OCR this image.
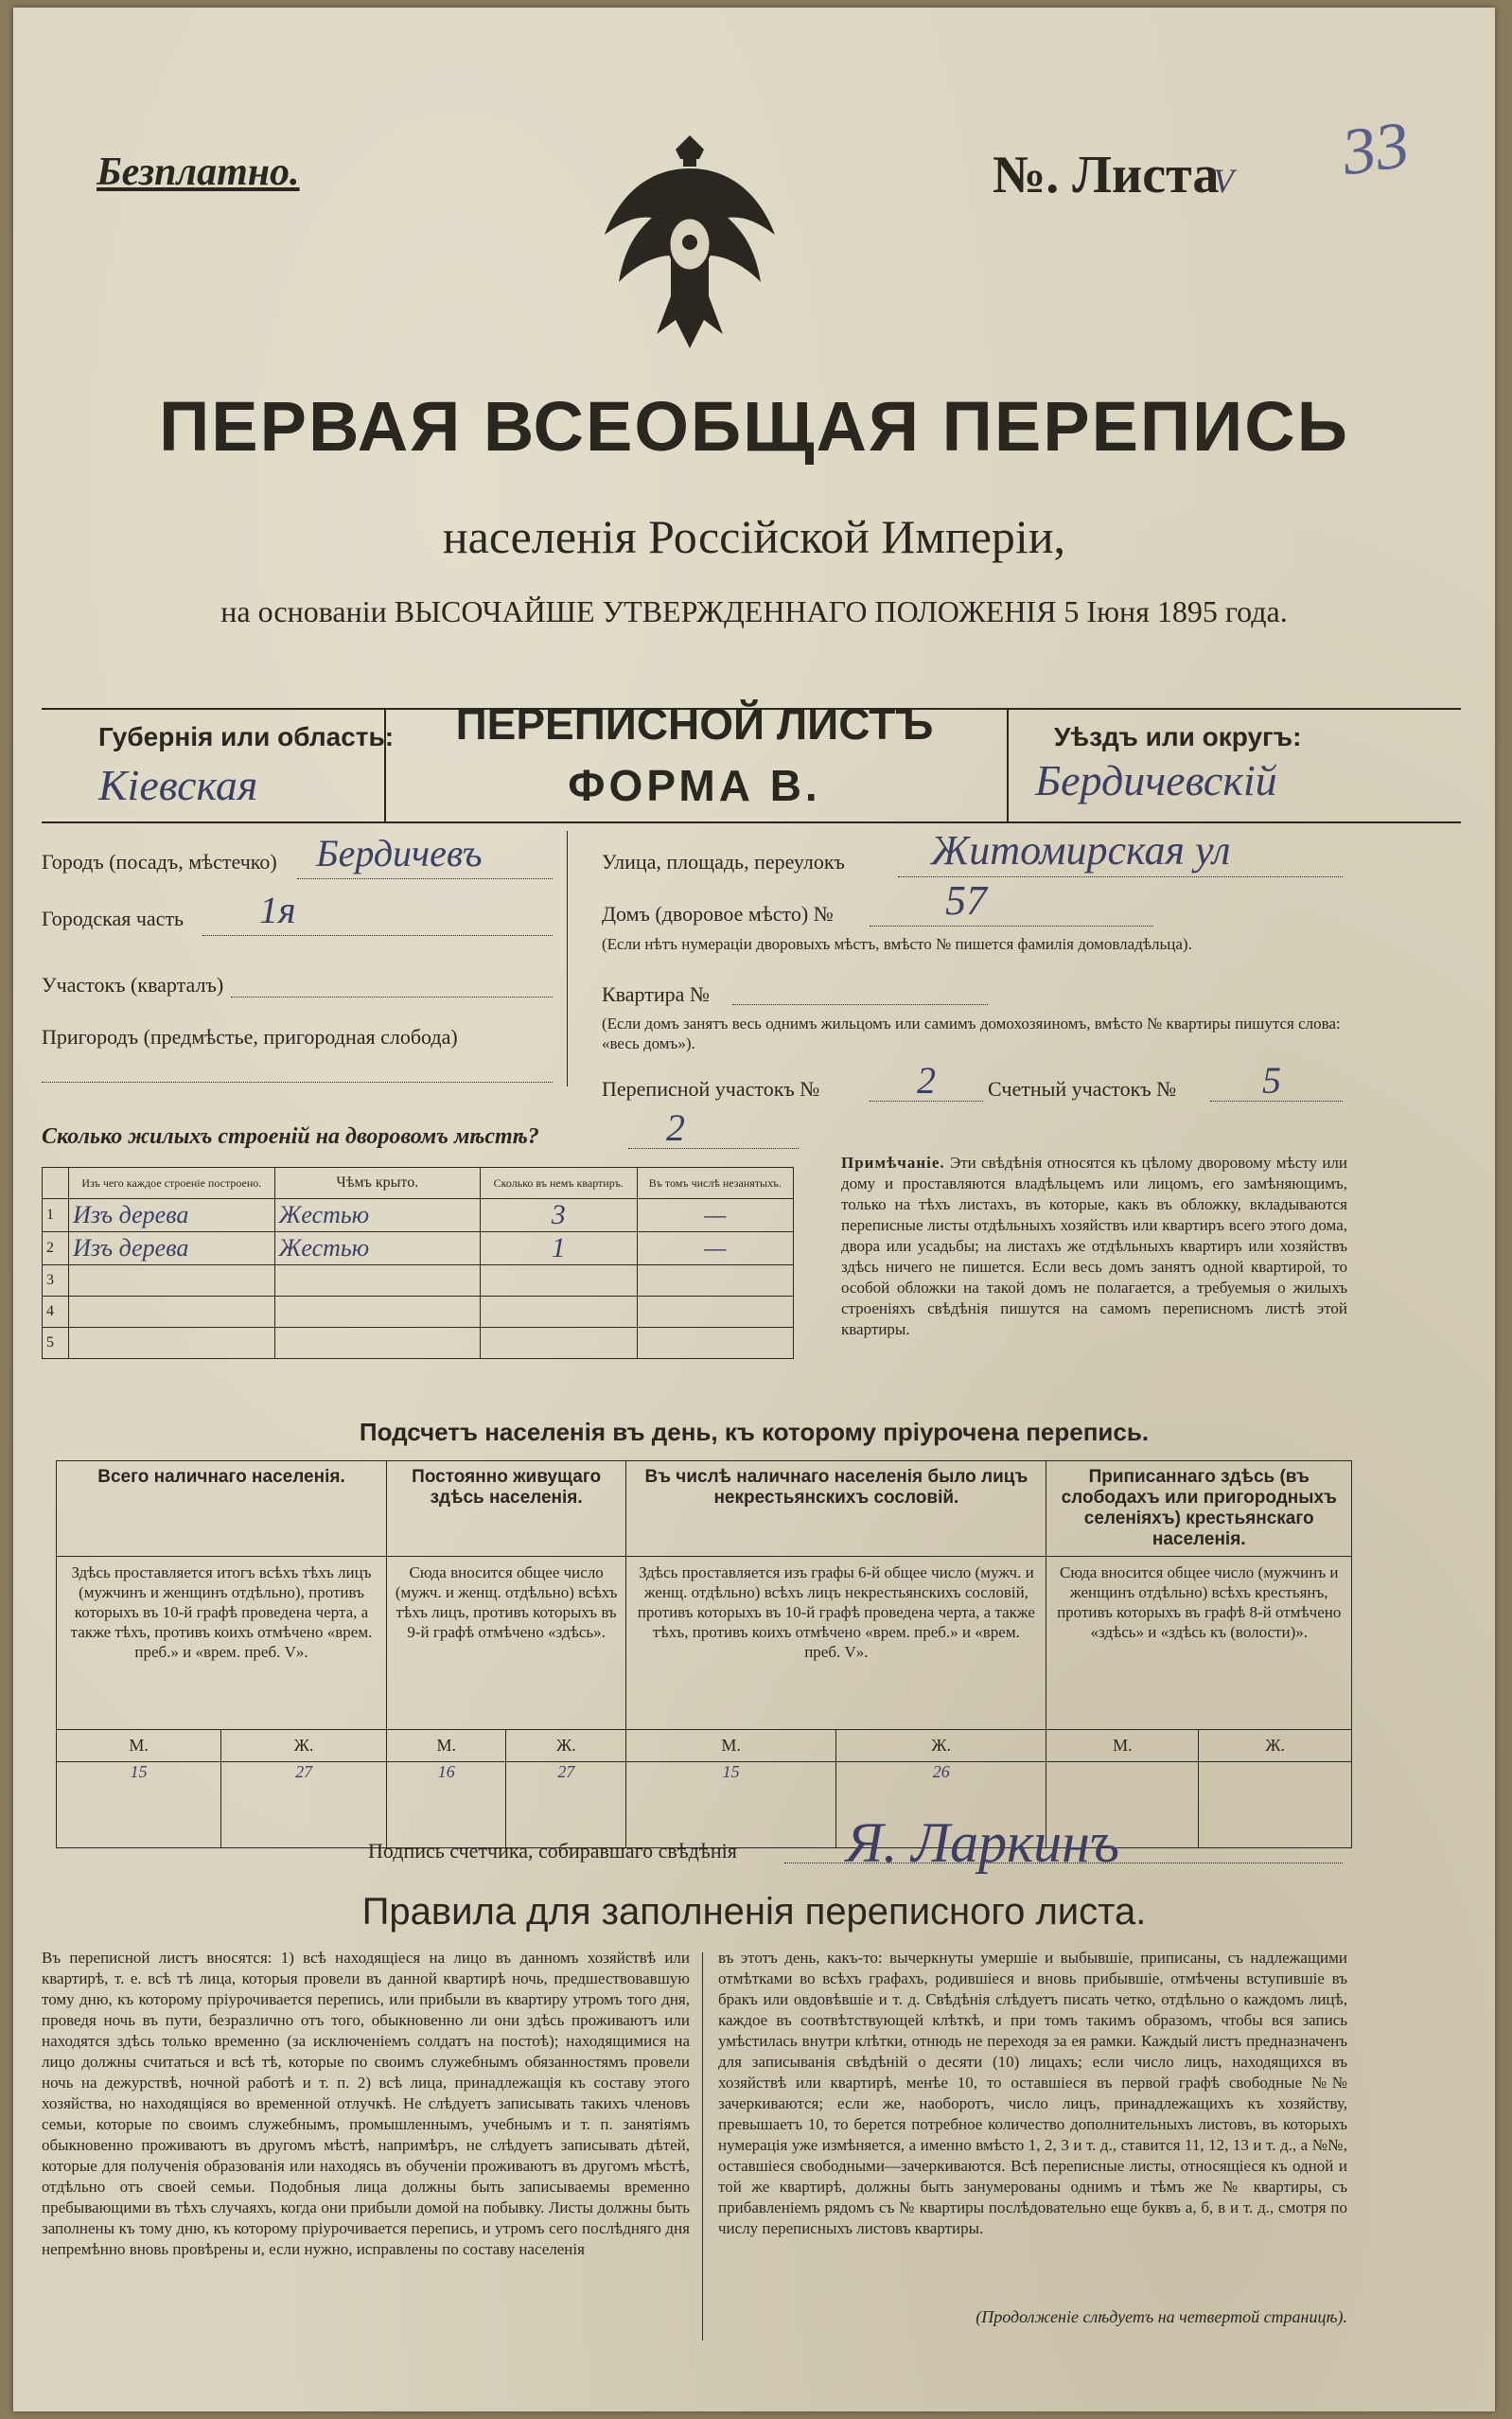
Безплатно.	№. Листа
V 33
ПЕРВАЯ ВСЕОБЩАЯ ПЕРЕПИСЬ
населенія Россійской Имперіи,
на основаніи ВЫСОЧАЙШЕ УТВЕРЖДЕННАГО ПОЛОЖЕНІЯ 5 Іюня 1895 года.
Губернія или область:
Кіевская
ПЕРЕПИСНОЙ ЛИСТЪ
ФОРМА В.
Уѣздъ или округъ:
Бердичевскій
Городъ (посадъ, мѣстечко) Бердичевъ
Городская часть 1я
Участокъ (кварталъ)
Пригородъ (предмѣстье, пригородная слобода)
Улица, площадь, переулокъ Житомирская ул
Домъ (дворовое мѣсто) №	57
(Если нѣтъ нумераціи дворовыхъ мѣстъ, вмѣсто № пишется фамилія домовладѣльца).
Квартира №
(Если домъ занятъ весь однимъ жильцомъ или самимъ домохозяиномъ, вмѣсто № квартиры пишутся слова: «весь домъ»).
Переписной участокъ №	2	Счетный участокъ № 5
Сколько жилыхъ строеній на дворовомъ мѣстѣ?	2
	Изъ чего каждое строеніе построено.	Чѣмъ крыто.	Сколько въ немъ квартиръ.	Въ томъ числѣ незанятыхъ.
1	Изъ дерева	Жестью	3	—
2	Изъ дерева	Жестью	1	—
3				
4				
5				
Примѣчаніе. Эти свѣдѣнія относятся къ цѣлому дворовому мѣсту или дому и проставляются владѣльцемъ или лицомъ, его замѣняющимъ, только на тѣхъ листахъ, въ которые, какъ въ обложку, вкладываются переписные листы отдѣльныхъ хозяйствъ или квартиръ всего этого дома, двора или усадьбы; на листахъ же отдѣльныхъ квартиръ или хозяйствъ здѣсь ничего не пишется. Если весь домъ занятъ одной квартирой, то особой обложки на такой домъ не полагается, а требуемыя о жилыхъ строеніяхъ свѣдѣнія пишутся на самомъ переписномъ листѣ этой квартиры.
Подсчетъ населенія въ день, къ которому пріурочена перепись.
Всего наличнаго населенія.		Постоянно живущаго здѣсь населенія.		Въ числѣ наличнаго населенія было лицъ некрестьянскихъ сословій.		Приписаннаго здѣсь (въ слободахъ или пригородныхъ селеніяхъ) крестьянскаго населенія.	
Здѣсь проставляется итогъ всѣхъ тѣхъ лицъ (мужчинъ и женщинъ отдѣльно), противъ которыхъ въ 10-й графѣ проведена черта, а также тѣхъ, противъ коихъ отмѣчено «врем. преб.» и «врем. преб. V».		Сюда вносится общее число (мужч. и женщ. отдѣльно) всѣхъ тѣхъ лицъ, противъ которыхъ въ 9-й графѣ отмѣчено «здѣсь».		Здѣсь проставляется изъ графы 6-й общее число (мужч. и женщ. отдѣльно) всѣхъ лицъ некрестьянскихъ сословій, противъ которыхъ въ 10-й графѣ проведена черта, а также тѣхъ, противъ коихъ отмѣчено «врем. преб.» и «врем. преб. V».		Сюда вносится общее число (мужчинъ и женщинъ отдѣльно) всѣхъ крестьянъ, противъ которыхъ въ графѣ 8-й отмѣчено «здѣсь» и «здѣсь къ (волости)».	
М.	Ж.	М.	Ж.	М.	Ж.	М.	Ж.
15	27	16	27	15	26		
Подпись счетчика, собиравшаго свѣдѣнія Я. Ларкинъ
Правила для заполненія переписного листа.
Въ переписной листъ вносятся: 1) всѣ находящіеся на лицо въ данномъ хозяйствѣ или квартирѣ, т. е. всѣ тѣ лица, которыя провели въ данной квартирѣ ночь, предшествовавшую тому дню, къ которому пріурочивается перепись, или прибыли въ квартиру утромъ того дня, проведя ночь въ пути, безразлично отъ того, обыкновенно ли они здѣсь проживаютъ или находятся здѣсь только временно (за исключеніемъ солдатъ на постоѣ); находящимися на лицо должны считаться и всѣ тѣ, которые по своимъ служебнымъ обязанностямъ провели ночь на дежурствѣ, ночной работѣ и т. п. 2) всѣ лица, принадлежащія къ составу этого хозяйства, но находящіяся во временной отлучкѣ. Не слѣдуетъ записывать такихъ членовъ семьи, которые по своимъ служебнымъ, промышленнымъ, учебнымъ и т. п. занятіямъ обыкновенно проживаютъ въ другомъ мѣстѣ, напримѣръ, не слѣдуетъ записывать дѣтей, которые для полученія образованія или находясь въ обученіи проживаютъ въ другомъ мѣстѣ, отдѣльно отъ своей семьи. Подобныя лица должны быть записываемы временно пребывающими въ тѣхъ случаяхъ, когда они прибыли домой на побывку. Листы должны быть заполнены къ тому дню, къ которому пріурочивается перепись, и утромъ сего послѣдняго дня непремѣнно вновь провѣрены и, если нужно, исправлены по составу населенія
въ этотъ день, какъ-то: вычеркнуты умершіе и выбывшіе, приписаны, съ надлежащими отмѣтками во всѣхъ графахъ, родившіеся и вновь прибывшіе, отмѣчены вступившіе въ бракъ или овдовѣвшіе и т. д. Свѣдѣнія слѣдуетъ писать четко, отдѣльно о каждомъ лицѣ, каждое въ соотвѣтствующей клѣткѣ, и при томъ такимъ образомъ, чтобы вся запись умѣстилась внутри клѣтки, отнюдь не переходя за ея рамки. Каждый листъ предназначенъ для записыванія свѣдѣній о десяти (10) лицахъ; если число лицъ, находящихся въ хозяйствѣ или квартирѣ, менѣе 10, то оставшіеся въ первой графѣ свободные №№ зачеркиваются; если же, наоборотъ, число лицъ, принадлежащихъ къ хозяйству, превышаетъ 10, то берется потребное количество дополнительныхъ листовъ, въ которыхъ нумерація уже измѣняется, а именно вмѣсто 1, 2, 3 и т. д., ставится 11, 12, 13 и т. д., а №№, оставшіеся свободными—зачеркиваются. Всѣ переписные листы, относящіеся къ одной и той же квартирѣ, должны быть занумерованы однимъ и тѣмъ же № квартиры, съ прибавленіемъ рядомъ съ № квартиры послѣдовательно еще буквъ а, б, в и т. д., смотря по числу переписныхъ листовъ квартиры.
(Продолженіе слѣдуетъ на четвертой страницѣ).
